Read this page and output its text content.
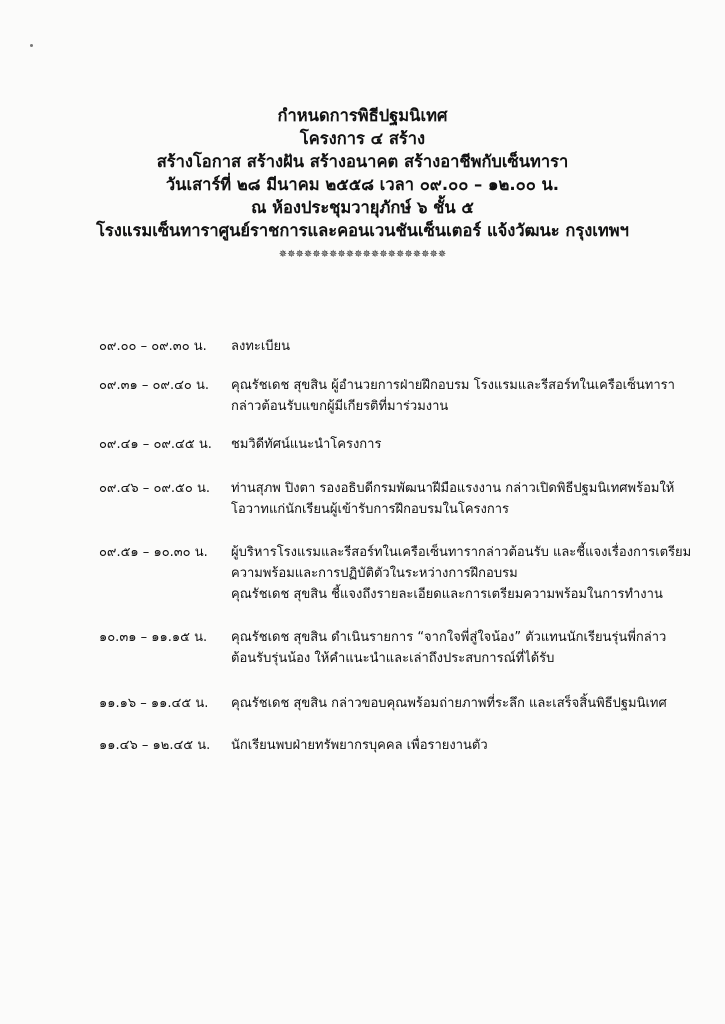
กำหนดการพิธีปฐมนิเทศ
โครงการ ๔ สร้าง
สร้างโอกาส สร้างฝัน สร้างอนาคต สร้างอาชีพกับเซ็นทารา
วันเสาร์ที่ ๒๘ มีนาคม ๒๕๕๘ เวลา ๐๙.๐๐ – ๑๒.๐๐ น.
ณ ห้องประชุมวายุภักษ์ ๖ ชั้น ๕
โรงแรมเซ็นทาราศูนย์ราชการและคอนเวนชันเซ็นเตอร์ แจ้งวัฒนะ กรุงเทพฯ
✵✵✵✵✵✵✵✵✵✵✵✵✵✵✵✵✵✵✵✵
๐๙.๐๐ – ๐๙.๓๐ น. ลงทะเบียน
๐๙.๓๑ – ๐๙.๔๐ น. คุณรัชเดช สุขสิน ผู้อำนวยการฝ่ายฝึกอบรม โรงแรมและรีสอร์ทในเครือเซ็นทารา
กล่าวต้อนรับแขกผู้มีเกียรติที่มาร่วมงาน
๐๙.๔๑ – ๐๙.๔๕ น. ชมวิดีทัศน์แนะนำโครงการ
๐๙.๔๖ – ๐๙.๕๐ น. ท่านสุภพ ปิงตา รองอธิบดีกรมพัฒนาฝีมือแรงงาน กล่าวเปิดพิธีปฐมนิเทศพร้อมให้
โอวาทแก่นักเรียนผู้เข้ารับการฝึกอบรมในโครงการ
๐๙.๕๑ – ๑๐.๓๐ น. ผู้บริหารโรงแรมและรีสอร์ทในเครือเซ็นทารากล่าวต้อนรับ และชี้แจงเรื่องการเตรียม
ความพร้อมและการปฏิบัติตัวในระหว่างการฝึกอบรม
คุณรัชเดช สุขสิน ชี้แจงถึงรายละเอียดและการเตรียมความพร้อมในการทำงาน
๑๐.๓๑ – ๑๑.๑๕ น. คุณรัชเดช สุขสิน ดำเนินรายการ “จากใจพี่สู่ใจน้อง” ตัวแทนนักเรียนรุ่นพี่กล่าว
ต้อนรับรุ่นน้อง ให้คำแนะนำและเล่าถึงประสบการณ์ที่ได้รับ
๑๑.๑๖ – ๑๑.๔๕ น. คุณรัชเดช สุขสิน กล่าวขอบคุณพร้อมถ่ายภาพที่ระลึก และเสร็จสิ้นพิธีปฐมนิเทศ
๑๑.๔๖ – ๑๒.๔๕ น. นักเรียนพบฝ่ายทรัพยากรบุคคล เพื่อรายงานตัว
